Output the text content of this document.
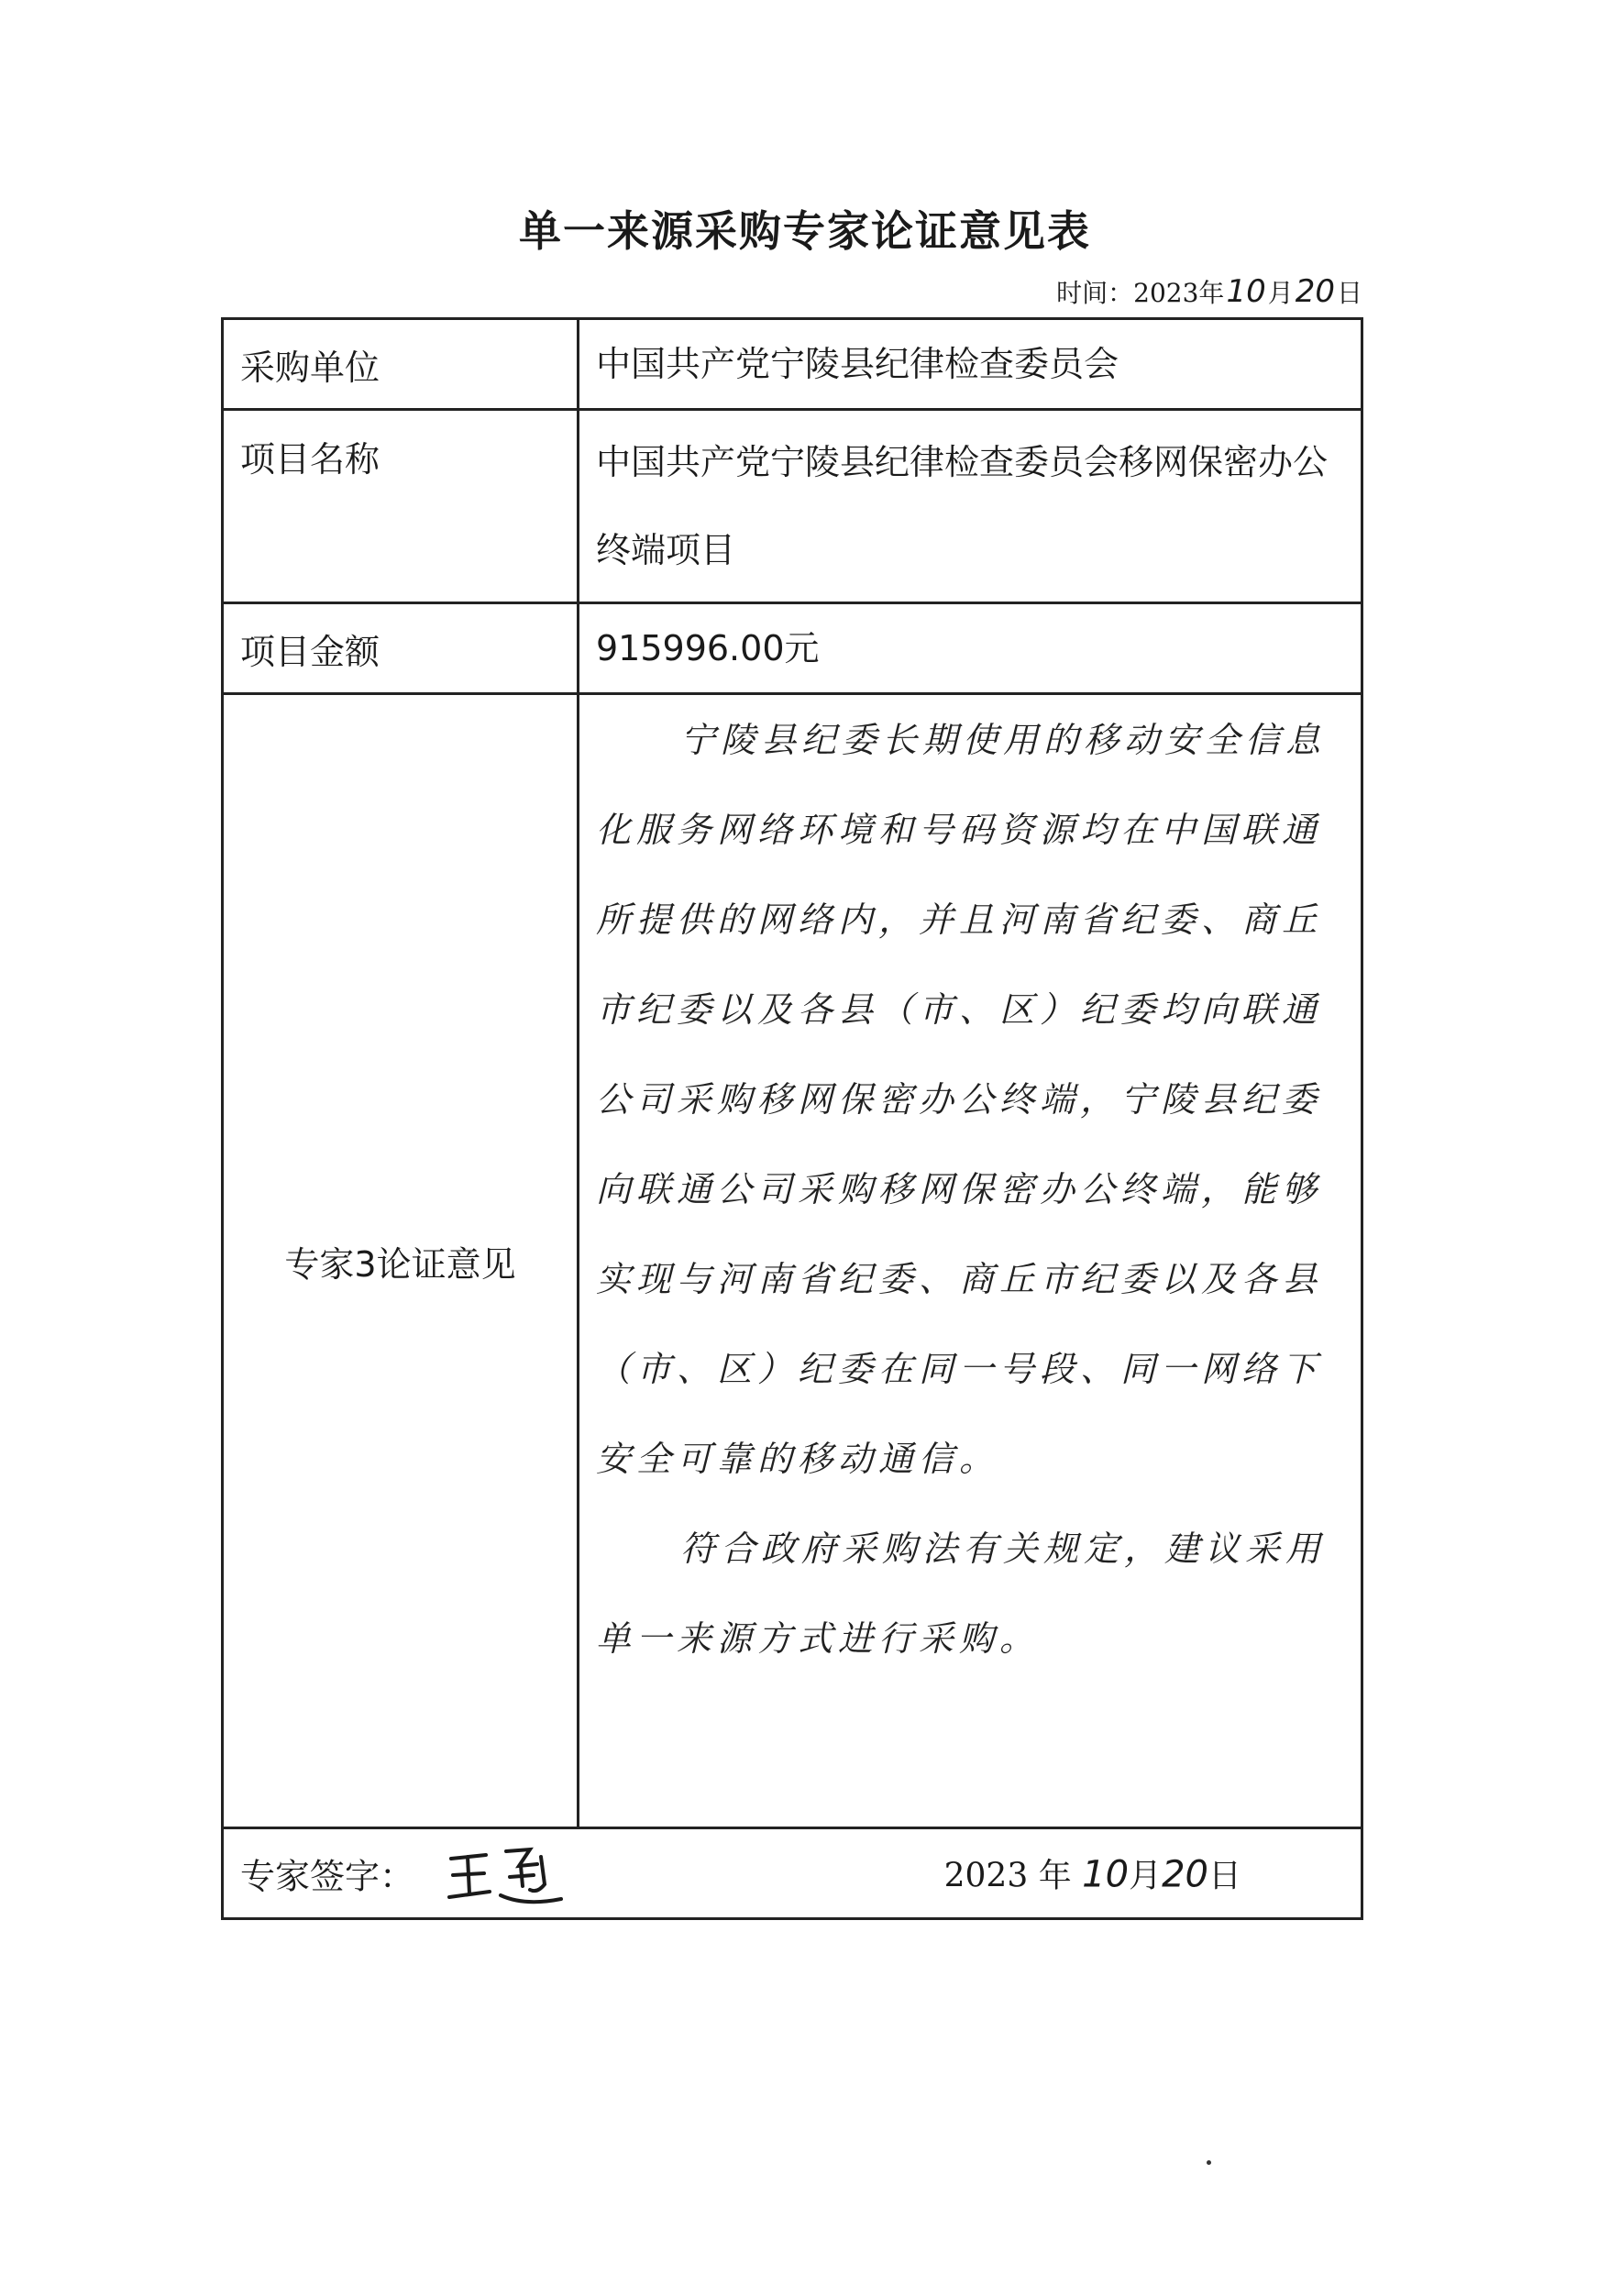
单一来源采购专家论证意见表
时间：2023年10月20日
采购单位	中国共产党宁陵县纪律检查委员会
项目名称	中国共产党宁陵县纪律检查委员会移网保密办公终端项目
项目金额	915996.00元
专家3论证意见	宁陵县纪委长期使用的移动安全信息化服务网络环境和号码资源均在中国联通所提供的网络内，并且河南省纪委、商丘市纪委以及各县（市、区）纪委均向联通公司采购移网保密办公终端，宁陵县纪委向联通公司采购移网保密办公终端，能够实现与河南省纪委、商丘市纪委以及各县（市、区）纪委在同一号段、同一网络下安全可靠的移动通信。

符合政府采购法有关规定，建议采用单一来源方式进行采购。

专家签字： 2023 年 10月20日	
